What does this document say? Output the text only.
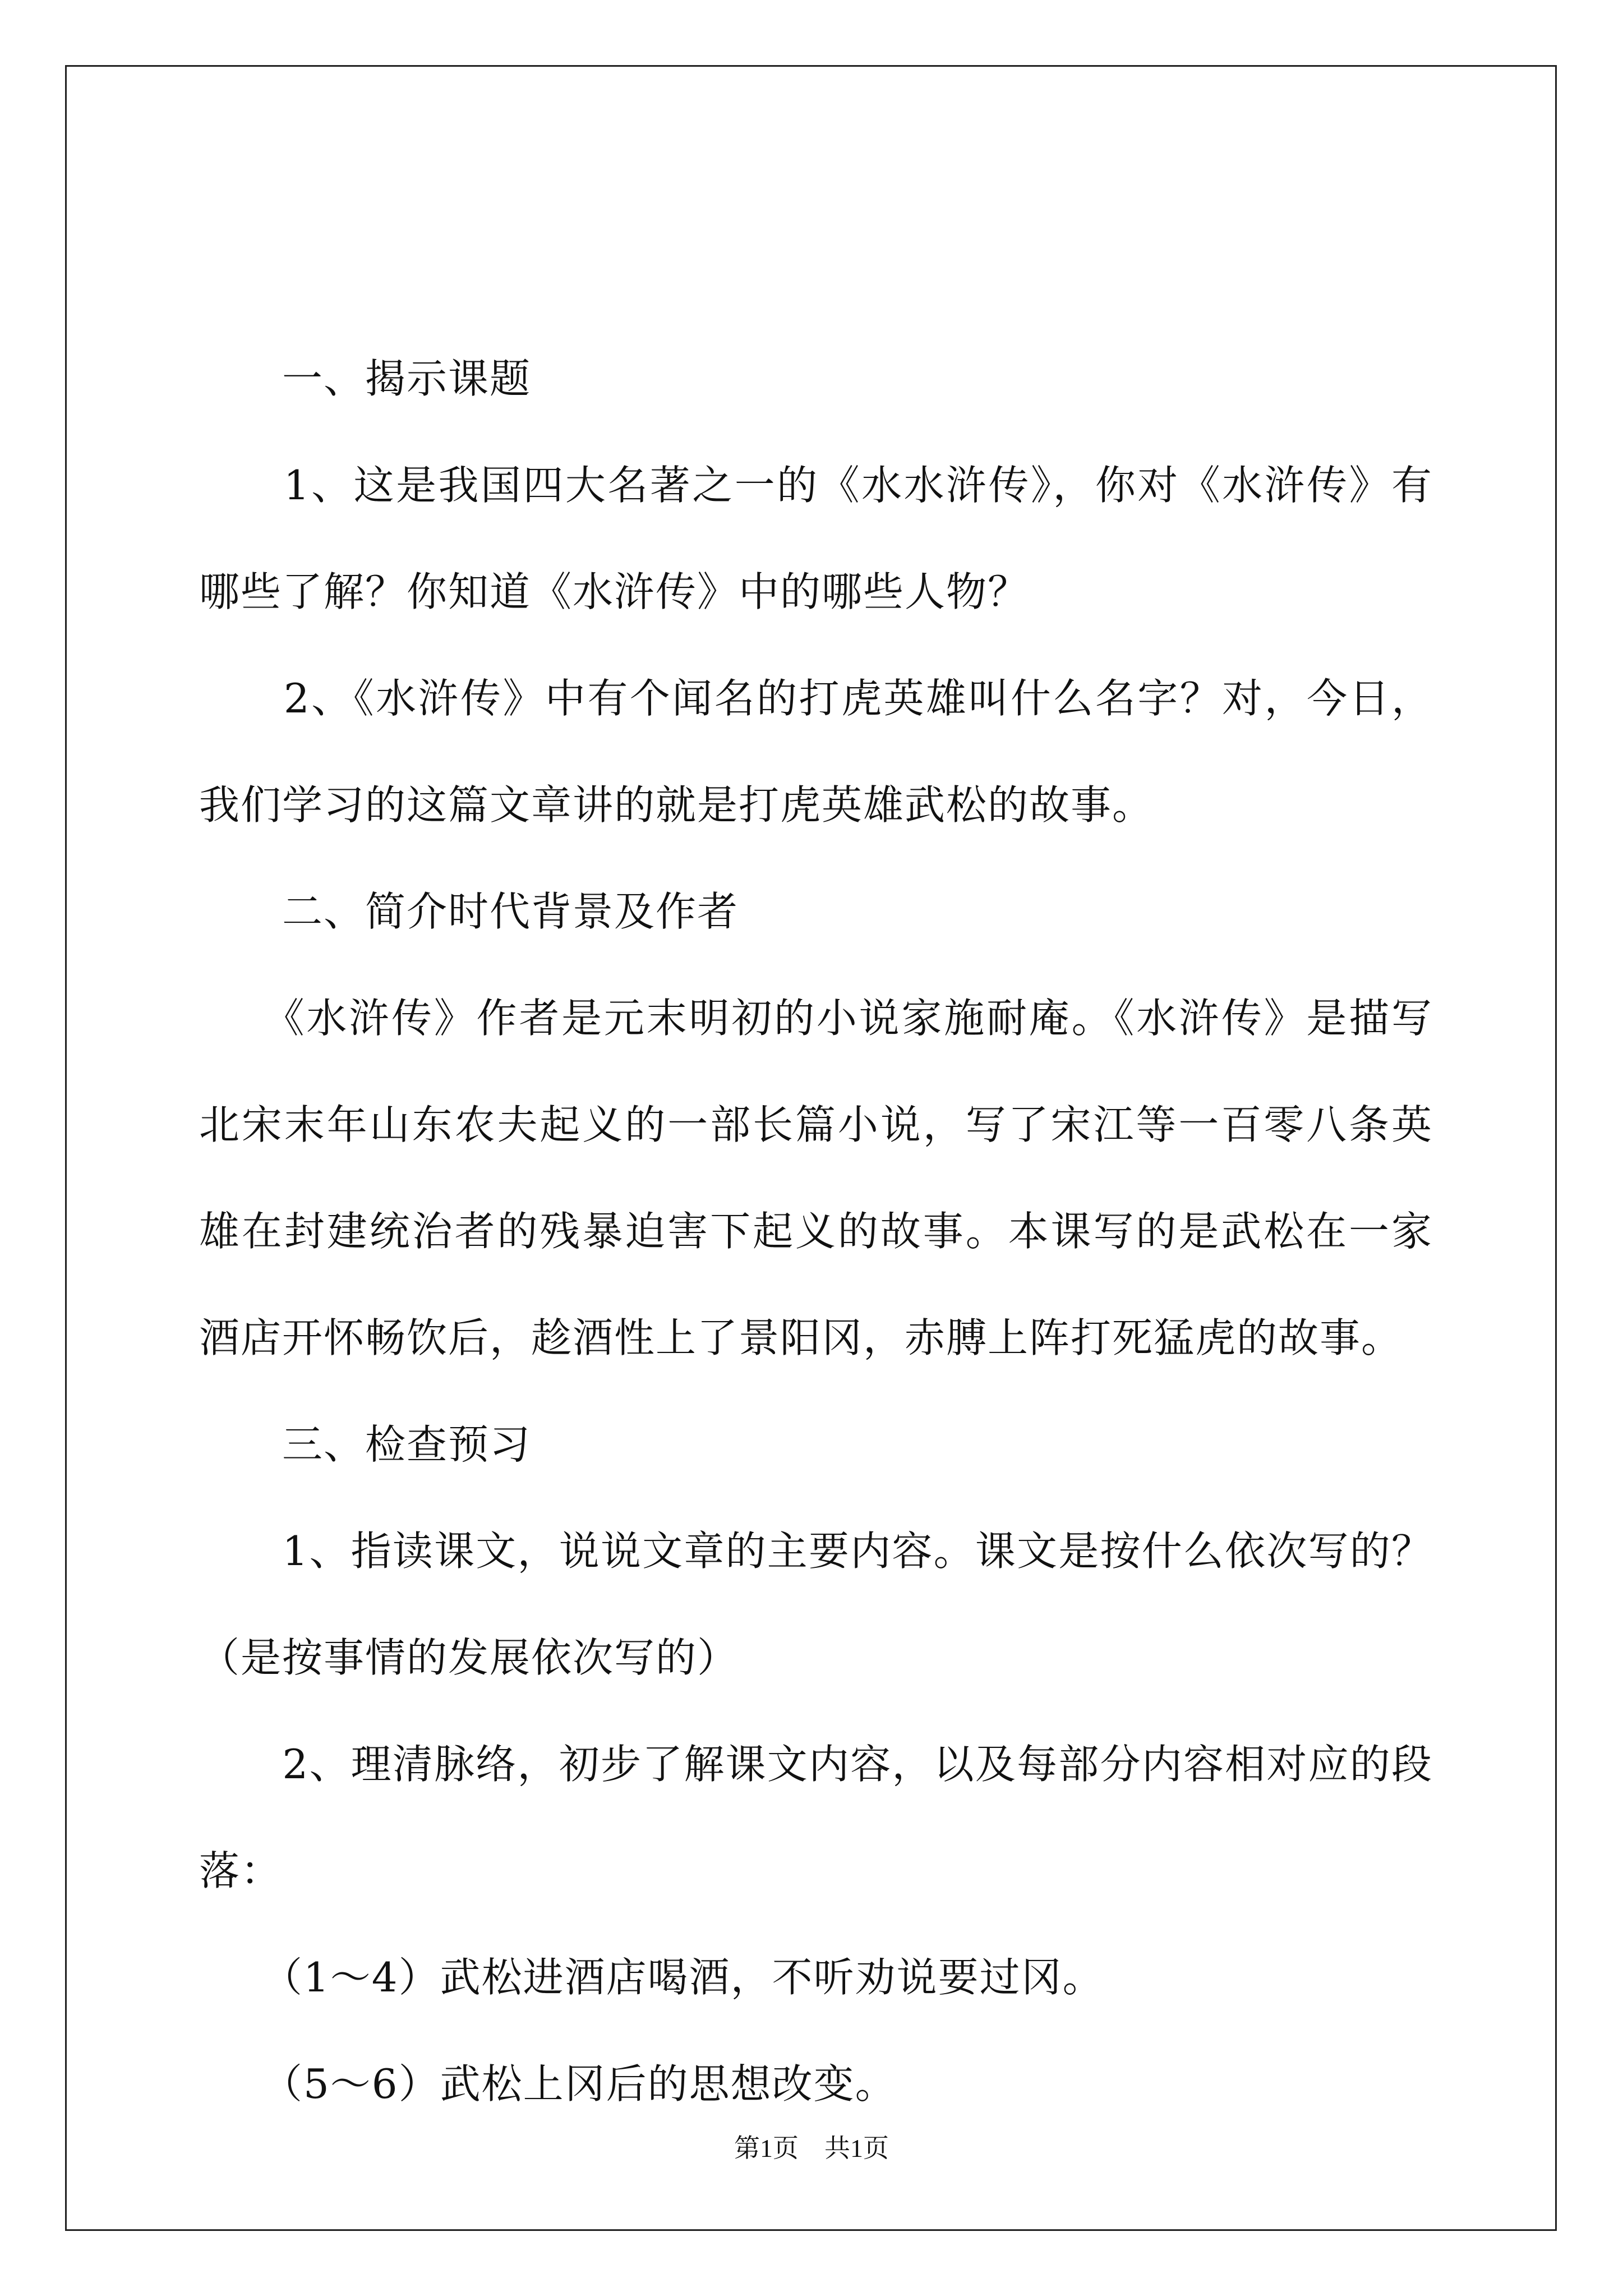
　　一、揭示课题

　　1、这是我国四大名著之一的《水水浒传》，你对《水浒传》有哪些了解？你知道《水浒传》中的哪些人物？

　　2、《水浒传》中有个闻名的打虎英雄叫什么名字？对，今日，我们学习的这篇文章讲的就是打虎英雄武松的故事。

　　二、简介时代背景及作者

　　《水浒传》作者是元末明初的小说家施耐庵。《水浒传》是描写北宋末年山东农夫起义的一部长篇小说，写了宋江等一百零八条英雄在封建统治者的残暴迫害下起义的故事。本课写的是武松在一家酒店开怀畅饮后，趁酒性上了景阳冈，赤膊上阵打死猛虎的故事。

　　三、检查预习

　　1、指读课文，说说文章的主要内容。课文是按什么依次写的？（是按事情的发展依次写的）

　　2、理清脉络，初步了解课文内容，以及每部分内容相对应的段落：

　　（1～4）武松进酒店喝酒，不听劝说要过冈。

　　（5～6）武松上冈后的思想改变。

第1页　共1页
